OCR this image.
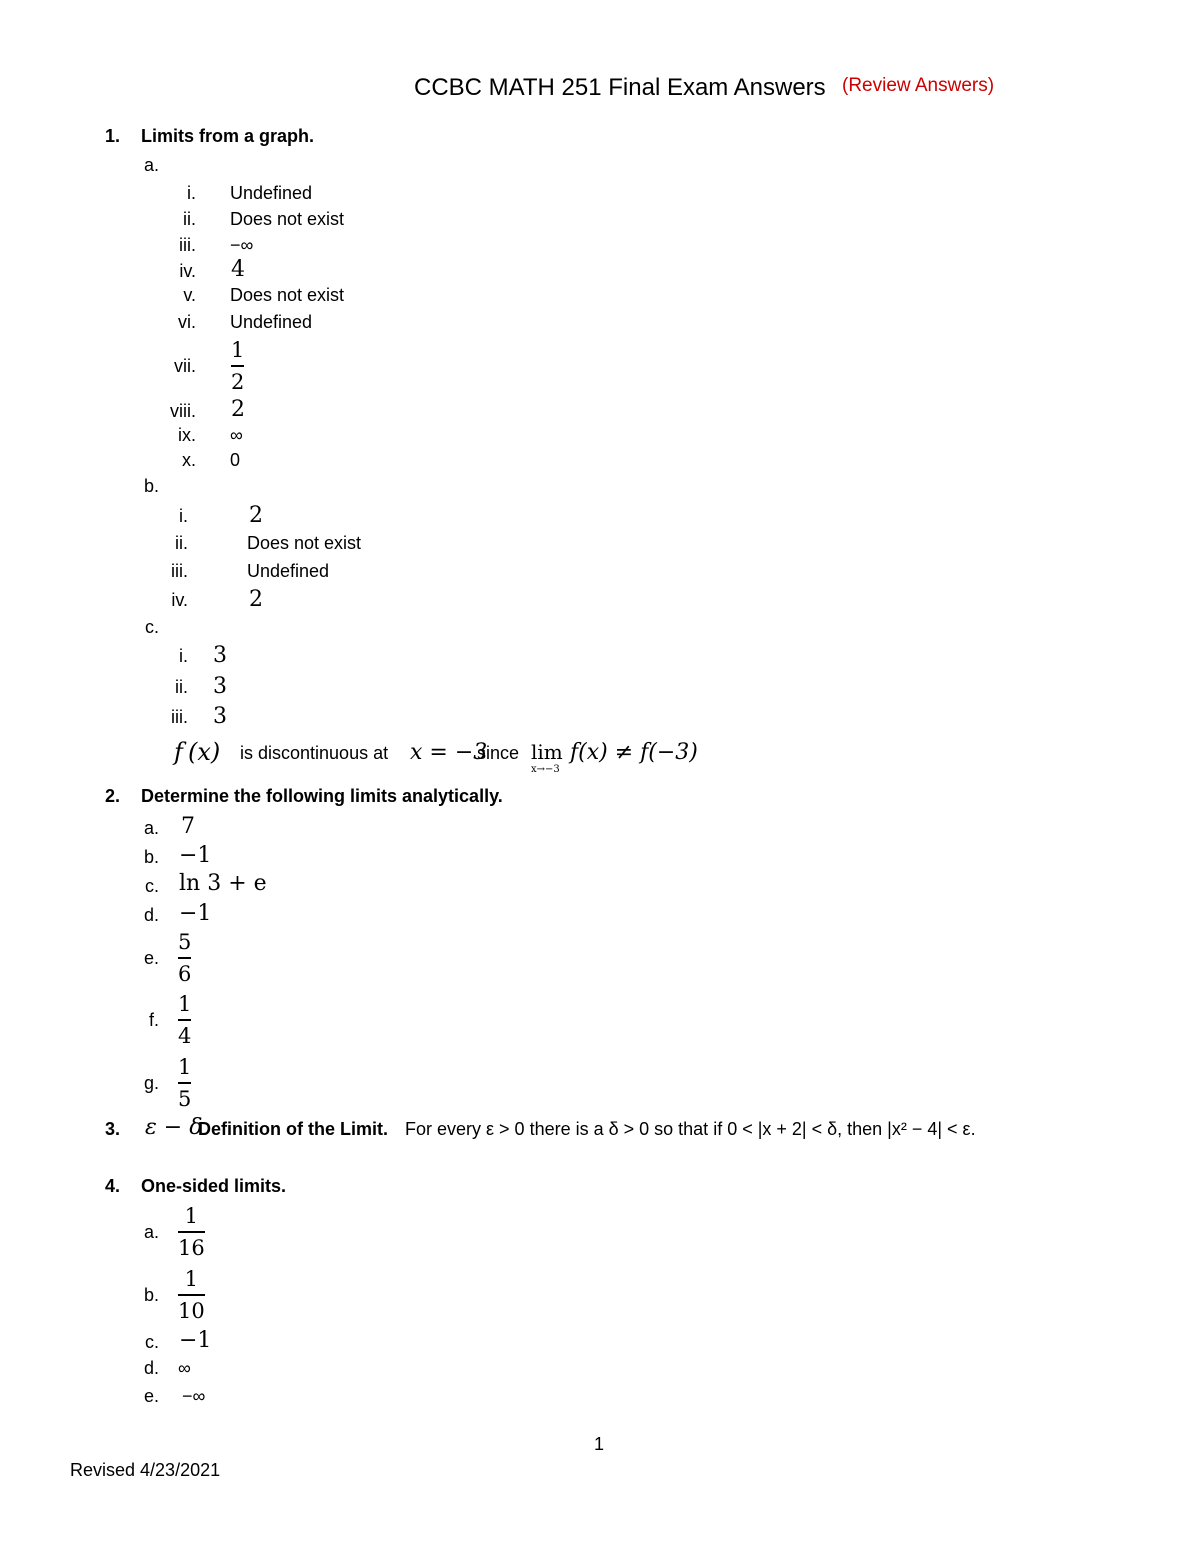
CCBC MATH 251 Final Exam Answers (Review Answers)
1. Limits from a graph.
a.
i. Undefined
ii. Does not exist
iii. −∞
iv. 4
v. Does not exist
vi. Undefined
vii.
1
2
viii. 2
ix. ∞
x. 0
b.
i.	2
ii.	Does not exist
iii.	Undefined
iv.	2
c.
i. 3
ii. 3
iii. 3
f (x) is discontinuous at x = −3
since lim
x→−3
f(x) ≠ f(−3)
2. Determine the following limits analytically.
a. 7
b. −1
c. ln 3 + e
d. −1
e.
5
6
f.
1
4
g.
1
5
3. ε − δ
Definition of the Limit. For every ε > 0 there is a δ > 0 so that if 0 < |x + 2| < δ, then |x² − 4| < ε.
4. One-sided limits.
a.
1
16
b.
1
10
c. −1
d. ∞
e. −∞
1
Revised 4/23/2021
